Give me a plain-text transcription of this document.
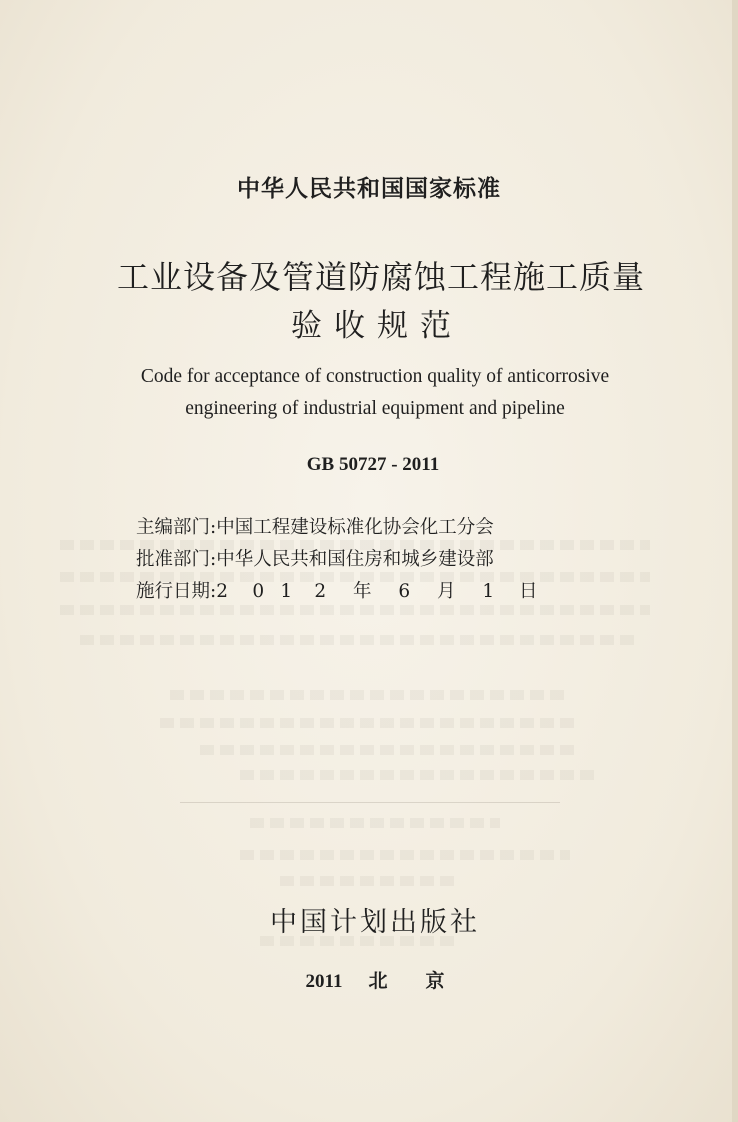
中华人民共和国国家标准
工业设备及管道防腐蚀工程施工质量
验收规范
Code for acceptance of construction quality of anticorrosive
engineering of industrial equipment and pipeline
GB 50727 - 2011
主编部门:中国工程建设标准化协会化工分会
批准部门:中华人民共和国住房和城乡建设部
施行日期:2 0 1 2 年 6 月 1 日
中国计划出版社
2011 北 京
